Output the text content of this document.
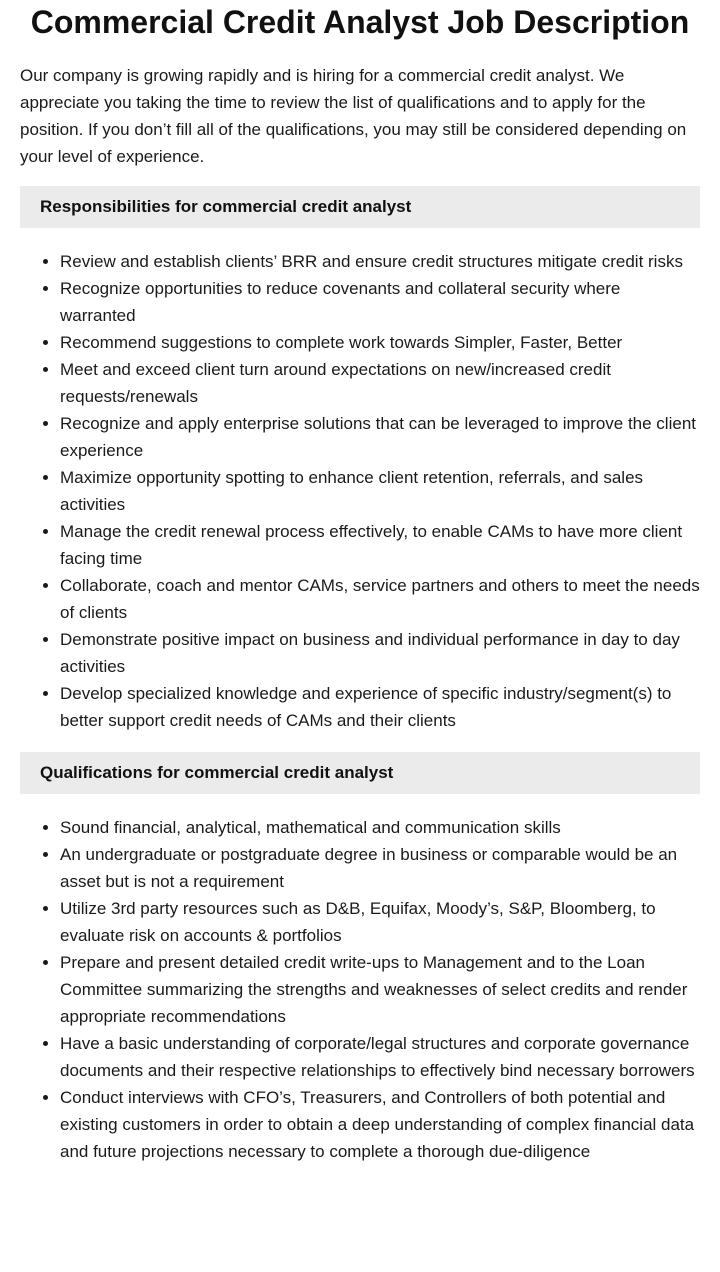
Commercial Credit Analyst Job Description

Our company is growing rapidly and is hiring for a commercial credit analyst. We appreciate you taking the time to review the list of qualifications and to apply for the position. If you don’t fill all of the qualifications, you may still be considered depending on your level of experience.

Responsibilities for commercial credit analyst
• Review and establish clients’ BRR and ensure credit structures mitigate credit risks
• Recognize opportunities to reduce covenants and collateral security where warranted
• Recommend suggestions to complete work towards Simpler, Faster, Better
• Meet and exceed client turn around expectations on new/increased credit requests/renewals
• Recognize and apply enterprise solutions that can be leveraged to improve the client experience
• Maximize opportunity spotting to enhance client retention, referrals, and sales activities
• Manage the credit renewal process effectively, to enable CAMs to have more client facing time
• Collaborate, coach and mentor CAMs, service partners and others to meet the needs of clients
• Demonstrate positive impact on business and individual performance in day to day activities
• Develop specialized knowledge and experience of specific industry/segment(s) to better support credit needs of CAMs and their clients
Qualifications for commercial credit analyst
• Sound financial, analytical, mathematical and communication skills
• An undergraduate or postgraduate degree in business or comparable would be an asset but is not a requirement
• Utilize 3rd party resources such as D&B, Equifax, Moody’s, S&P, Bloomberg, to evaluate risk on accounts & portfolios
• Prepare and present detailed credit write-ups to Management and to the Loan Committee summarizing the strengths and weaknesses of select credits and render appropriate recommendations
• Have a basic understanding of corporate/legal structures and corporate governance documents and their respective relationships to effectively bind necessary borrowers
• Conduct interviews with CFO’s, Treasurers, and Controllers of both potential and existing customers in order to obtain a deep understanding of complex financial data and future projections necessary to complete a thorough due-diligence
